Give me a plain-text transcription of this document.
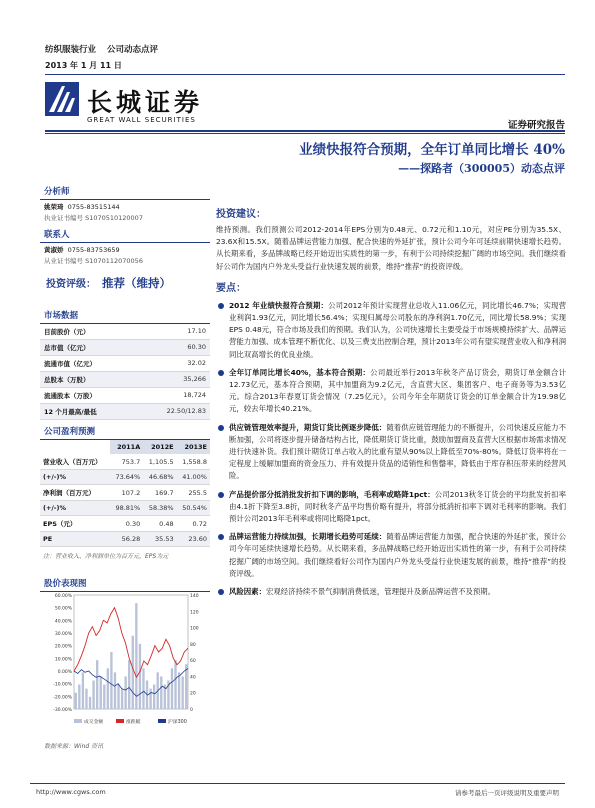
纺织服装行业 公司动态点评
2013 年 1 月 11 日
长城证券
GREAT WALL SECURITIES	证券研究报告
业绩快报符合预期，全年订单同比增长 40%
——探路者（300005）动态点评
分析师
姚荣琦 0755-83515144
执业证书编号 S1070510120007
联系人
黄淑娇 0755-83753659
从业证书编号 S1070112070056
投资评级： 推荐（维持）
市场数据
目前股价（元）	17.10
总市值（亿元）	60.30
流通市值（亿元）	32.02
总股本（万股）	35,266
流通股本（万股）	18,724
12 个月最高/最低	22.50/12.83
公司盈利预测
	2011A	2012E	2013E
营业收入（百万元）	753.7	1,105.5	1,558.8
(+/-)%	73.64%	46.68%	41.00%
净利润（百万元）	107.2	169.7	255.5
(+/-)%	98.81%	58.38%	50.54%
EPS（元）	0.30	0.48	0.72
PE	56.28	35.53	23.60
注：营业收入、净利润单位为百万元，EPS为元
股价表现图
60.00%
50.00%
40.00%
30.00%
20.00%
10.00%
0.00%
-10.00%
-20.00%
-30.00%
140
120
100
80
60
40
20
0
成交金额	涨跌幅	沪深300
数据来源：Wind 资讯
投资建议：
维持预测。我们预测公司2012-2014年EPS分别为0.48元、0.72元和1.10元，对应PE分别为35.5X、23.6X和15.5X。随着品牌运营能力加强、配合快速的外延扩张，预计公司今年可延续前期快速增长趋势。从长期来看，多品牌战略已经开始迈出实质性的第一步，有利于公司持续挖掘广阔的市场空间。我们继续看好公司作为国内户外龙头受益行业快速发展的前景，维持“推荐”的投资评级。
要点：
2012 年业绩快报符合预期：公司2012年预计实现营业总收入11.06亿元，同比增长46.7%；实现营业利润1.93亿元，同比增长56.4%；实现归属母公司股东的净利润1.70亿元，同比增长58.9%；实现EPS 0.48元，符合市场及我们的预期。我们认为，公司快速增长主要受益于市场规模持续扩大、品牌运营能力加强、成本管理不断优化、以及三费支出控制合理，预计2013年公司有望实现营业收入和净利润同比双高增长的优良业绩。
全年订单同比增长40%，基本符合预期：公司最近举行2013年秋冬产品订货会，期货订单金额合计12.73亿元，基本符合预期，其中加盟商为9.2亿元，含直营大区、集团客户、电子商务等为3.53亿元。综合2013年春夏订货会情况（7.25亿元），公司今年全年期货订货会的订单金额合计为19.98亿元，较去年增长40.21%。
供应链管理效率提升，期货订货比例逐步降低：随着供应链管理能力的不断提升，公司快速反应能力不断加强，公司将逐步提升储备结构占比，降低期货订货比重，鼓励加盟商及直营大区根据市场需求情况进行快速补货。我们预计期货订单占收入的比重有望从90%以上降低至70%-80%。降低订货率将在一定程度上缓解加盟商的资金压力、并有效提升货品的适销性和售罄率，降低由于库存积压带来的经营风险。
产品提价部分抵消批发折扣下调的影响，毛利率或略降1pct：公司2013秋冬订货会的平均批发折扣率由4.1折下降至3.8折，同时秋冬产品平均售价略有提升，将部分抵消折扣率下调对毛利率的影响。我们预计公司2013年毛利率或将同比略降1pct。
品牌运营能力持续加强，长期增长趋势可延续：随着品牌运营能力加强，配合快速的外延扩张，预计公司今年可延续快速增长趋势。从长期来看，多品牌战略已经开始迈出实质性的第一步，有利于公司持续挖掘广阔的市场空间。我们继续看好公司作为国内户外龙头受益行业快速发展的前景，维持“推荐”的投资评级。
风险因素：宏观经济持续不景气抑制消费低迷，管理提升及新品牌运营不及预期。
http://www.cgws.com	请参考最后一页评级说明及重要声明
